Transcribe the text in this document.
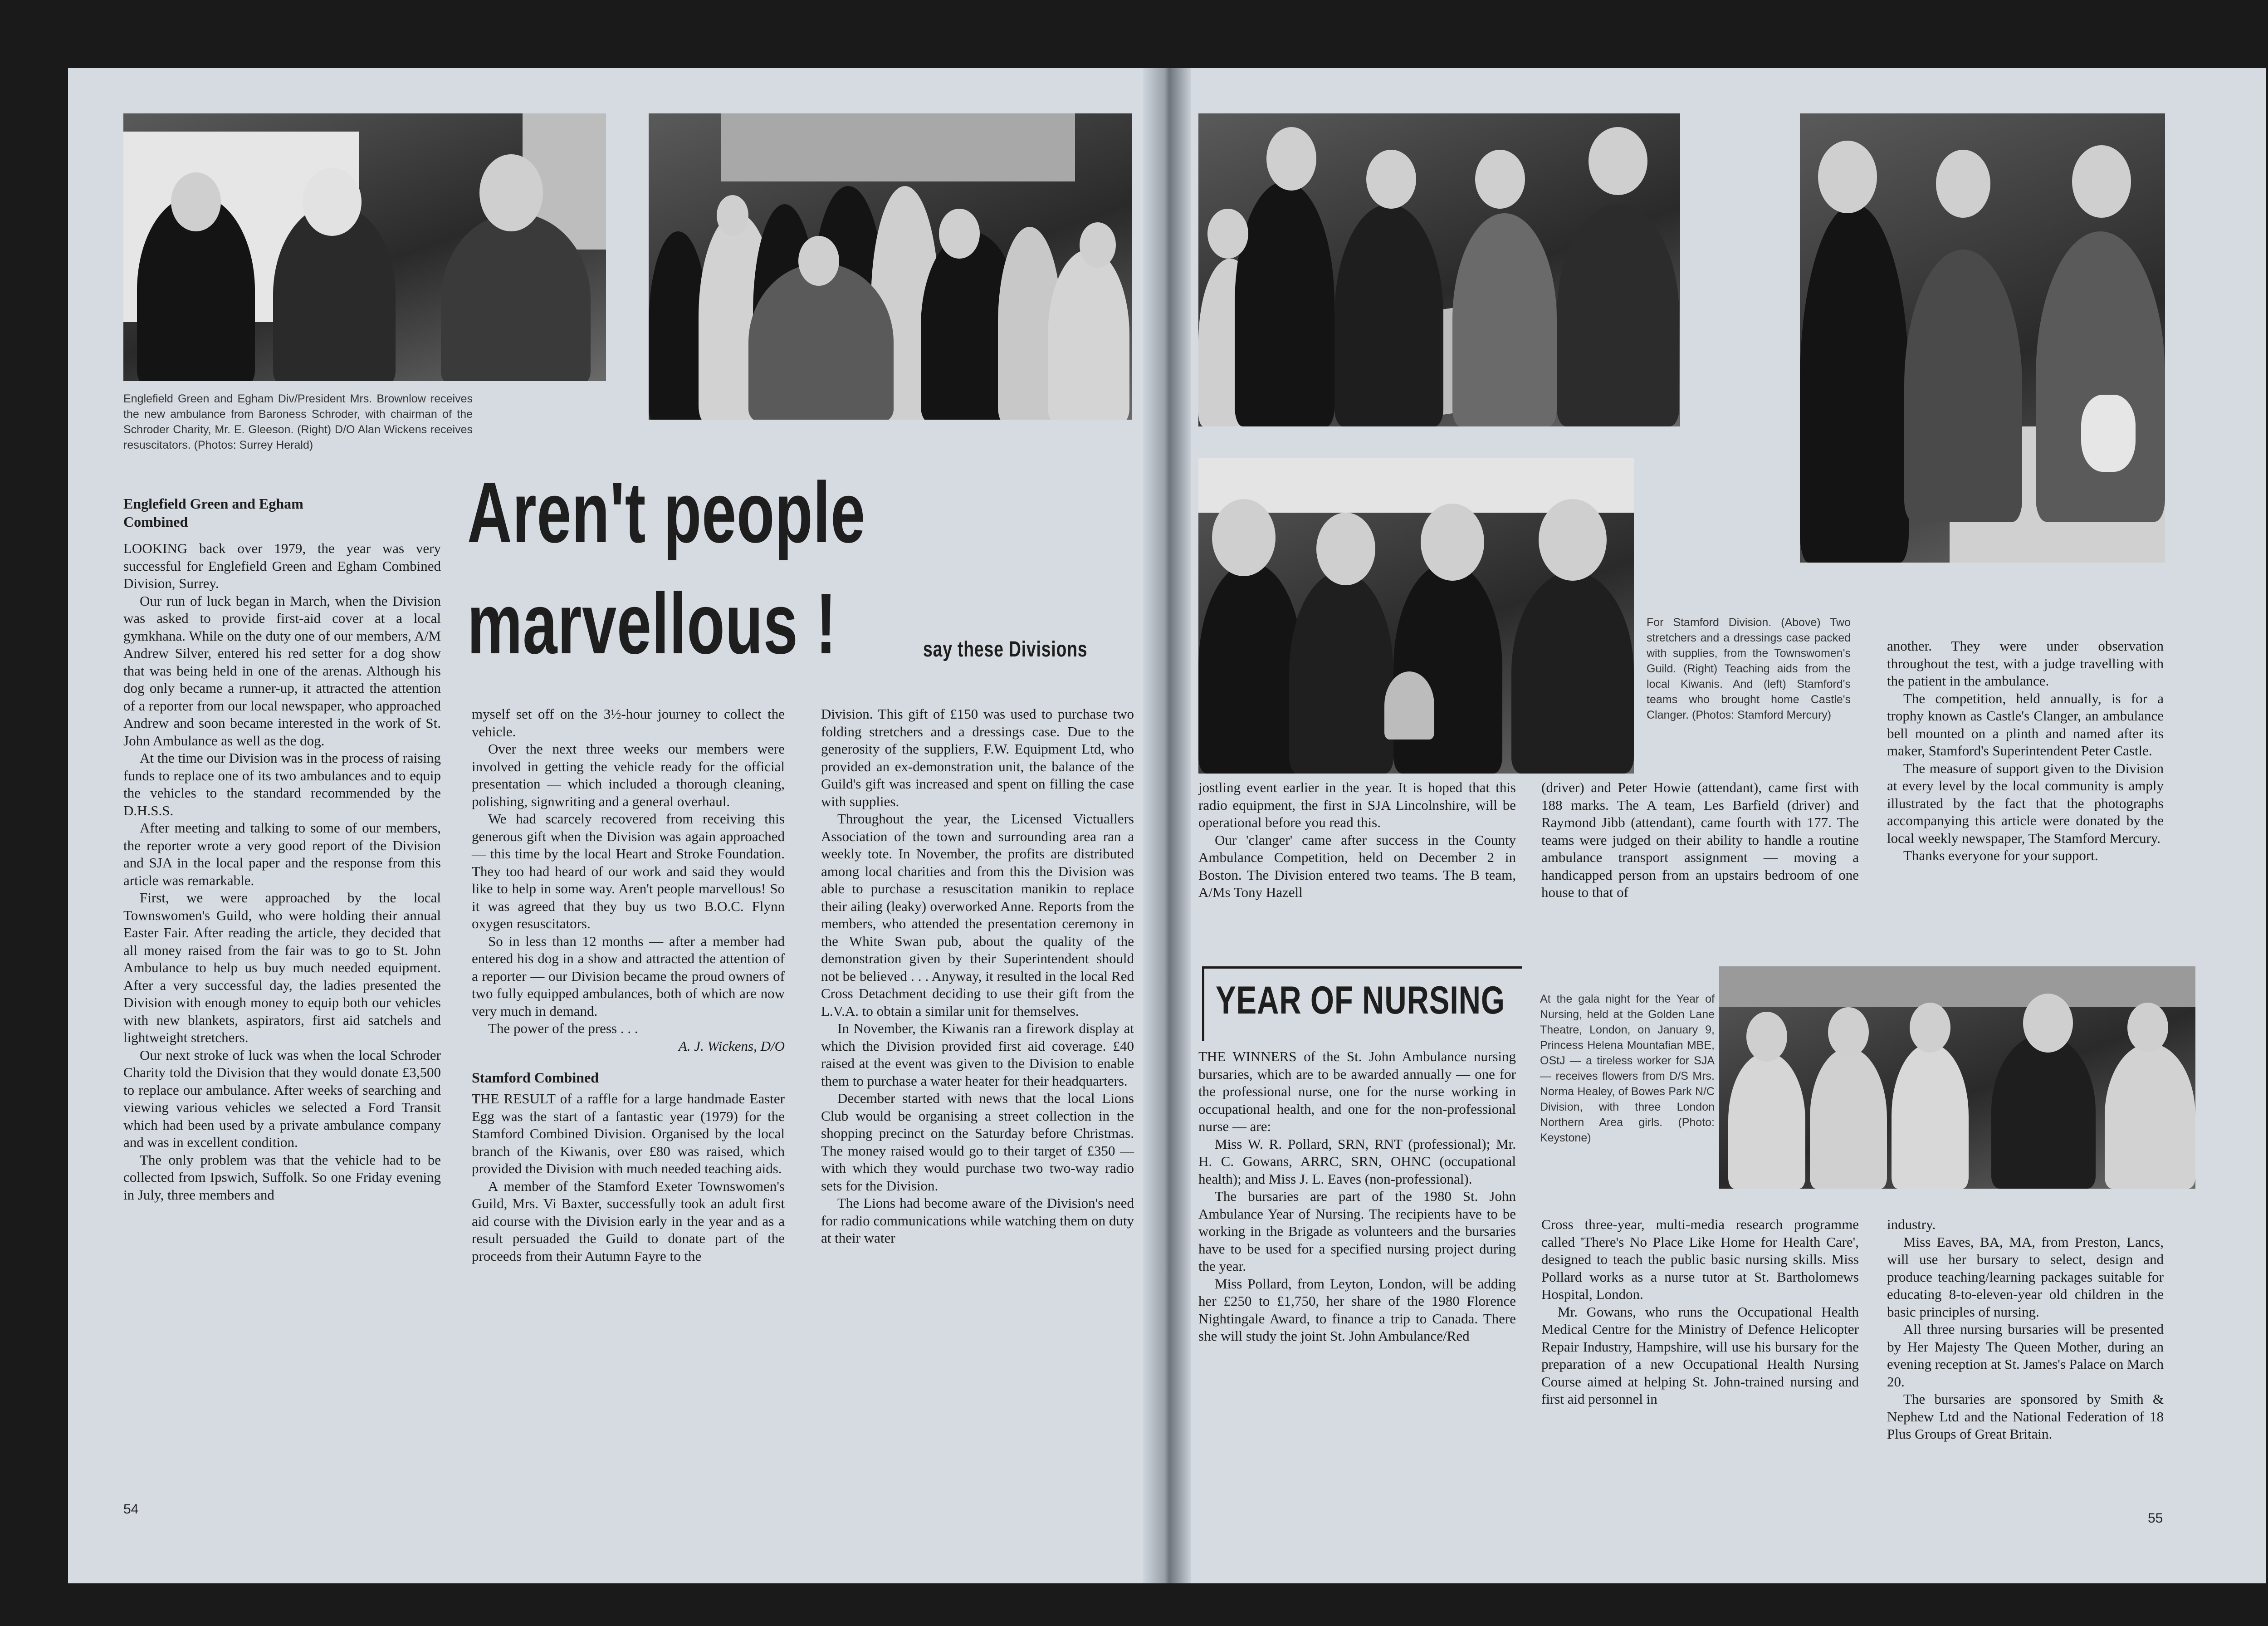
Englefield Green and Egham Div/President Mrs. Brownlow receives the new ambulance from Baroness Schroder, with chairman of the Schroder Charity, Mr. E. Gleeson. (Right) D/O Alan Wickens receives resuscitators. (Photos: Surrey Herald)
Aren't people
marvellous !	say these Divisions
Englefield Green and Egham Combined

LOOKING back over 1979, the year was very successful for Englefield Green and Egham Combined Division, Surrey.

Our run of luck began in March, when the Division was asked to provide first-aid cover at a local gymkhana. While on the duty one of our members, A/M Andrew Silver, entered his red setter for a dog show that was being held in one of the arenas. Although his dog only became a runner-up, it attracted the attention of a reporter from our local newspaper, who approached Andrew and soon became interested in the work of St. John Ambulance as well as the dog.

At the time our Division was in the process of raising funds to replace one of its two ambulances and to equip the vehicles to the standard recommended by the D.H.S.S.

After meeting and talking to some of our members, the reporter wrote a very good report of the Division and SJA in the local paper and the response from this article was remarkable.

First, we were approached by the local Townswomen's Guild, who were holding their annual Easter Fair. After reading the article, they decided that all money raised from the fair was to go to St. John Ambulance to help us buy much needed equipment. After a very successful day, the ladies presented the Division with enough money to equip both our vehicles with new blankets, aspirators, first aid satchels and lightweight stretchers.

Our next stroke of luck was when the local Schroder Charity told the Division that they would donate £3,500 to replace our ambulance. After weeks of searching and viewing various vehicles we selected a Ford Transit which had been used by a private ambulance company and was in excellent condition.

The only problem was that the vehicle had to be collected from Ipswich, Suffolk. So one Friday evening in July, three members and

myself set off on the 3½-hour journey to collect the vehicle.

Over the next three weeks our members were involved in getting the vehicle ready for the official presentation — which included a thorough cleaning, polishing, signwriting and a general overhaul.

We had scarcely recovered from receiving this generous gift when the Division was again approached — this time by the local Heart and Stroke Foundation. They too had heard of our work and said they would like to help in some way. Aren't people marvellous! So it was agreed that they buy us two B.O.C. Flynn oxygen resuscitators.

So in less than 12 months — after a member had entered his dog in a show and attracted the attention of a reporter — our Division became the proud owners of two fully equipped ambulances, both of which are now very much in demand.

The power of the press . . .

A. J. Wickens, D/O
Stamford Combined

THE RESULT of a raffle for a large handmade Easter Egg was the start of a fantastic year (1979) for the Stamford Combined Division. Organised by the local branch of the Kiwanis, over £80 was raised, which provided the Division with much needed teaching aids.

A member of the Stamford Exeter Townswomen's Guild, Mrs. Vi Baxter, successfully took an adult first aid course with the Division early in the year and as a result persuaded the Guild to donate part of the proceeds from their Autumn Fayre to the

Division. This gift of £150 was used to purchase two folding stretchers and a dressings case. Due to the generosity of the suppliers, F.W. Equipment Ltd, who provided an ex-demonstration unit, the balance of the Guild's gift was increased and spent on filling the case with supplies.

Throughout the year, the Licensed Victuallers Association of the town and surrounding area ran a weekly tote. In November, the profits are distributed among local charities and from this the Division was able to purchase a resuscitation manikin to replace their ailing (leaky) overworked Anne. Reports from the members, who attended the presentation ceremony in the White Swan pub, about the quality of the demonstration given by their Superintendent should not be believed . . . Anyway, it resulted in the local Red Cross Detachment deciding to use their gift from the L.V.A. to obtain a similar unit for themselves.

In November, the Kiwanis ran a firework display at which the Division provided first aid coverage. £40 raised at the event was given to the Division to enable them to purchase a water heater for their headquarters.

December started with news that the local Lions Club would be organising a street collection in the shopping precinct on the Saturday before Christmas. The money raised would go to their target of £350 — with which they would purchase two two-way radio sets for the Division.

The Lions had become aware of the Division's need for radio communications while watching them on duty at their water

54
For Stamford Division. (Above) Two stretchers and a dressings case packed with supplies, from the Townswomen's Guild. (Right) Teaching aids from the local Kiwanis. And (left) Stamford's teams who brought home Castle's Clanger. (Photos: Stamford Mercury)

jostling event earlier in the year. It is hoped that this radio equipment, the first in SJA Lincolnshire, will be operational before you read this.

Our 'clanger' came after success in the County Ambulance Competition, held on December 2 in Boston. The Division entered two teams. The B team, A/Ms Tony Hazell

(driver) and Peter Howie (attendant), came first with 188 marks. The A team, Les Barfield (driver) and Raymond Jibb (attendant), came fourth with 177. The teams were judged on their ability to handle a routine ambulance transport assignment — moving a handicapped person from an upstairs bedroom of one house to that of

another. They were under observation throughout the test, with a judge travelling with the patient in the ambulance.

The competition, held annually, is for a trophy known as Castle's Clanger, an ambulance bell mounted on a plinth and named after its maker, Stamford's Superintendent Peter Castle.

The measure of support given to the Division at every level by the local community is amply illustrated by the fact that the photographs accompanying this article were donated by the local weekly newspaper, The Stamford Mercury.

Thanks everyone for your support.

YEAR OF NURSING	At the gala night for the Year of Nursing, held at the Golden Lane Theatre, London, on January 9, Princess Helena Mountafian MBE, OStJ — a tireless worker for SJA — receives flowers from D/S Mrs. Norma Healey, of Bowes Park N/C Division, with three London Northern Area girls. (Photo: Keystone)

THE WINNERS of the St. John Ambulance nursing bursaries, which are to be awarded annually — one for the professional nurse, one for the nurse working in occupational health, and one for the non-professional nurse — are:

Miss W. R. Pollard, SRN, RNT (professional); Mr. H. C. Gowans, ARRC, SRN, OHNC (occupational health); and Miss J. L. Eaves (non-professional).

The bursaries are part of the 1980 St. John Ambulance Year of Nursing. The recipients have to be working in the Brigade as volunteers and the bursaries have to be used for a specified nursing project during the year.

Miss Pollard, from Leyton, London, will be adding her £250 to £1,750, her share of the 1980 Florence Nightingale Award, to finance a trip to Canada. There she will study the joint St. John Ambulance/Red

Cross three-year, multi-media research programme called 'There's No Place Like Home for Health Care', designed to teach the public basic nursing skills. Miss Pollard works as a nurse tutor at St. Bartholomews Hospital, London.

Mr. Gowans, who runs the Occupational Health Medical Centre for the Ministry of Defence Helicopter Repair Industry, Hampshire, will use his bursary for the preparation of a new Occupational Health Nursing Course aimed at helping St. John-trained nursing and first aid personnel in

industry.

Miss Eaves, BA, MA, from Preston, Lancs, will use her bursary to select, design and produce teaching/learning packages suitable for educating 8-to-eleven-year old children in the basic principles of nursing.

All three nursing bursaries will be presented by Her Majesty The Queen Mother, during an evening reception at St. James's Palace on March 20.

The bursaries are sponsored by Smith & Nephew Ltd and the National Federation of 18 Plus Groups of Great Britain.

55
